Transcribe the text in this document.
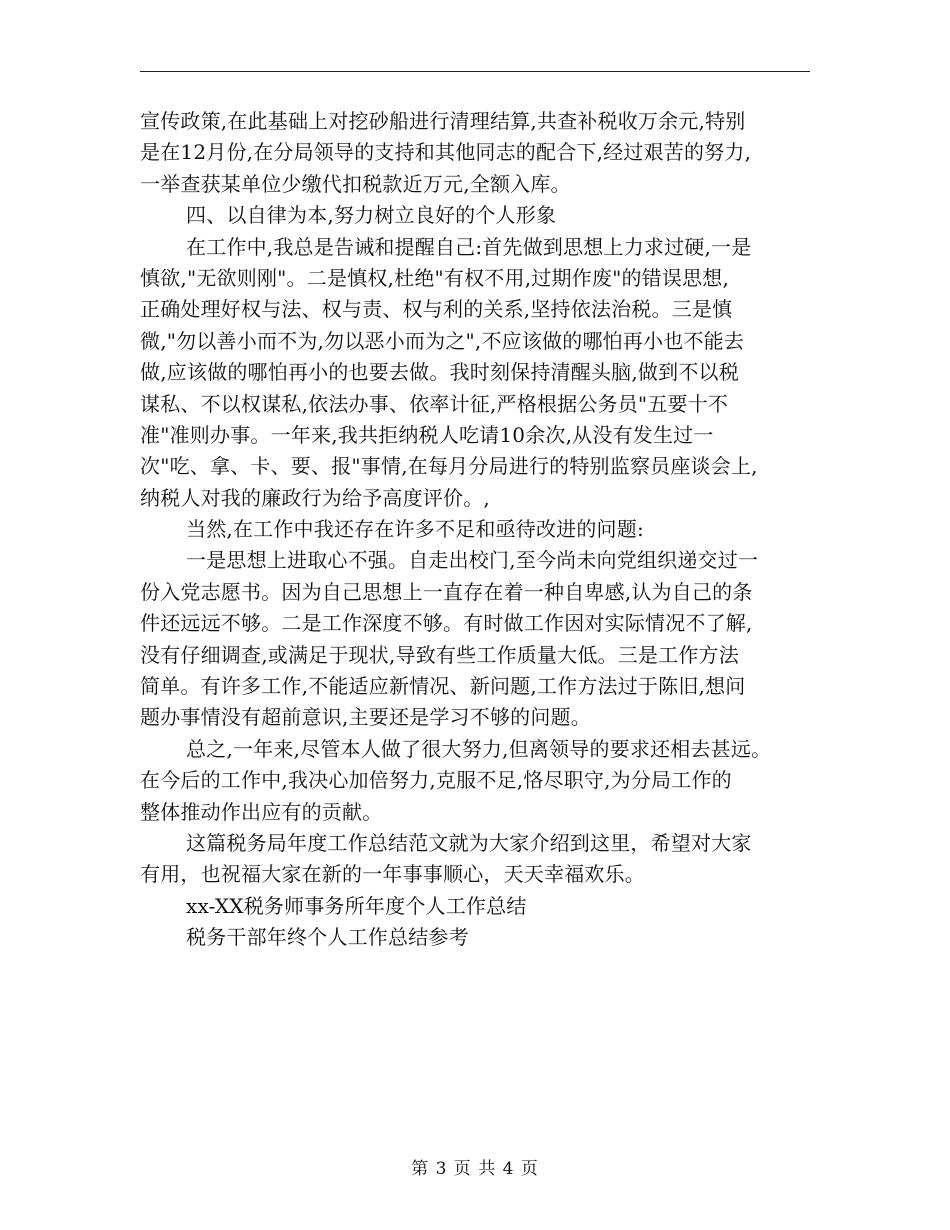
宣传政策,在此基础上对挖砂船进行清理结算,共查补税收万余元,特别
是在12月份,在分局领导的支持和其他同志的配合下,经过艰苦的努力,
一举查获某单位少缴代扣税款近万元,全额入库。
四、以自律为本,努力树立良好的个人形象
在工作中,我总是告诫和提醒自己:首先做到思想上力求过硬,一是
慎欲,"无欲则刚"。二是慎权,杜绝"有权不用,过期作废"的错误思想,
正确处理好权与法、权与责、权与利的关系,坚持依法治税。三是慎
微,"勿以善小而不为,勿以恶小而为之",不应该做的哪怕再小也不能去
做,应该做的哪怕再小的也要去做。我时刻保持清醒头脑,做到不以税
谋私、不以权谋私,依法办事、依率计征,严格根据公务员"五要十不
准"准则办事。一年来,我共拒纳税人吃请10余次,从没有发生过一
次"吃、拿、卡、要、报"事情,在每月分局进行的特别监察员座谈会上,
纳税人对我的廉政行为给予高度评价。,
当然,在工作中我还存在许多不足和亟待改进的问题:
一是思想上进取心不强。自走出校门,至今尚未向党组织递交过一
份入党志愿书。因为自己思想上一直存在着一种自卑感,认为自己的条
件还远远不够。二是工作深度不够。有时做工作因对实际情况不了解,
没有仔细调查,或满足于现状,导致有些工作质量大低。三是工作方法
简单。有许多工作,不能适应新情况、新问题,工作方法过于陈旧,想问
题办事情没有超前意识,主要还是学习不够的问题。
总之,一年来,尽管本人做了很大努力,但离领导的要求还相去甚远。
在今后的工作中,我决心加倍努力,克服不足,恪尽职守,为分局工作的
整体推动作出应有的贡献。
这篇税务局年度工作总结范文就为大家介绍到这里，希望对大家
有用，也祝福大家在新的一年事事顺心，天天幸福欢乐。
xx-XX税务师事务所年度个人工作总结
税务干部年终个人工作总结参考
第 3 页 共 4 页
